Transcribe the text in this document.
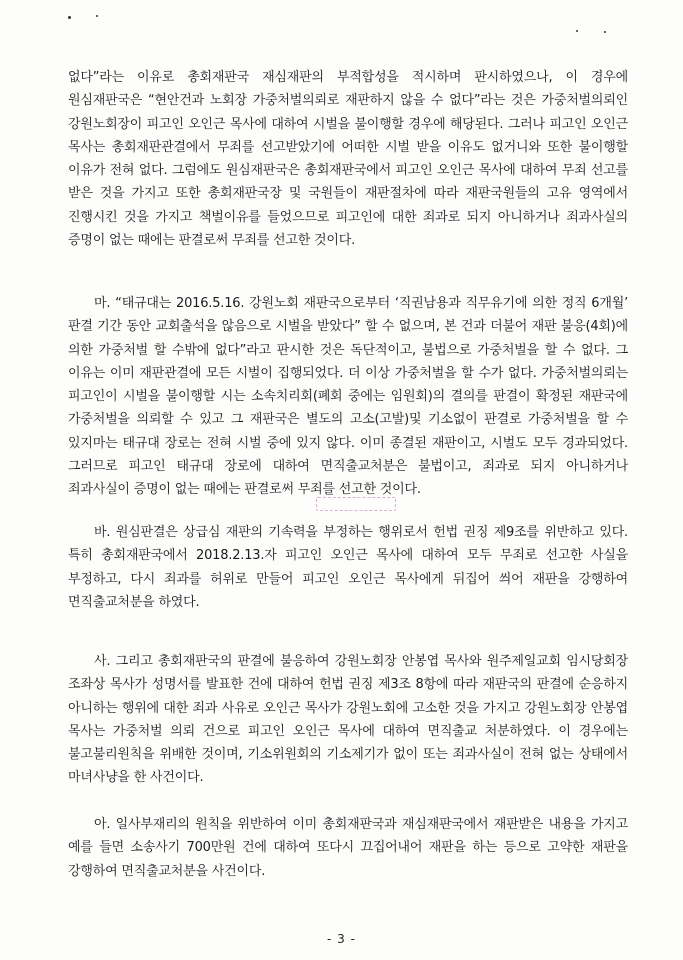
없다”라는 이유로 총회재판국 재심재판의 부적합성을 적시하며 판시하였으나, 이 경우에 원심재판국은 “현안건과 노회장 가중처벌의뢰로 재판하지 않을 수 없다”라는 것은 가중처벌의뢰인 강원노회장이 피고인 오인근 목사에 대하여 시벌을 불이행할 경우에 해당된다. 그러나 피고인 오인근 목사는 총회재판관결에서 무죄를 선고받았기에 어떠한 시벌 받을 이유도 없거니와 또한 불이행할 이유가 전혀 없다. 그럼에도 원심재판국은 총회재판국에서 피고인 오인근 목사에 대하여 무죄 선고를 받은 것을 가지고 또한 총회재판국장 및 국원들이 재판절차에 따라 재판국원들의 고유 영역에서 진행시킨 것을 가지고 책벌이유를 들었으므로 피고인에 대한 죄과로 되지 아니하거나 죄과사실의 증명이 없는 때에는 판결로써 무죄를 선고한 것이다.

마. “태규대는 2016.5.16. 강원노회 재판국으로부터 ‘직권남용과 직무유기에 의한 정직 6개월’ 판결 기간 동안 교회출석을 않음으로 시벌을 받았다” 할 수 없으며, 본 건과 더불어 재판 불응(4회)에 의한 가중처벌 할 수밖에 없다”라고 판시한 것은 독단적이고, 불법으로 가중처벌을 할 수 없다. 그 이유는 이미 재판관결에 모든 시벌이 집행되었다. 더 이상 가중처벌을 할 수가 없다. 가중처벌의뢰는 피고인이 시벌을 불이행할 시는 소속치리회(폐회 중에는 임원회)의 결의를 판결이 확정된 재판국에 가중처벌을 의뢰할 수 있고 그 재판국은 별도의 고소(고발)및 기소없이 판결로 가중처벌을 할 수 있지마는 태규대 장로는 전혀 시벌 중에 있지 않다. 이미 종결된 재판이고, 시벌도 모두 경과되었다. 그러므로 피고인 태규대 장로에 대하여 면직출교처분은 불법이고, 죄과로 되지 아니하거나 죄과사실이 증명이 없는 때에는 판결로써 무죄를 선고한 것이다.

바. 원심판결은 상급심 재판의 기속력을 부정하는 행위로서 헌법 권징 제9조를 위반하고 있다. 특히 총회재판국에서 2018.2.13.자 피고인 오인근 목사에 대하여 모두 무죄로 선고한 사실을 부정하고, 다시 죄과를 허위로 만들어 피고인 오인근 목사에게 뒤집어 씌어 재판을 강행하여 면직출교처분을 하였다.

사. 그리고 총회재판국의 판결에 불응하여 강원노회장 안봉엽 목사와 원주제일교회 임시당회장 조좌상 목사가 성명서를 발표한 건에 대하여 헌법 권징 제3조 8항에 따라 재판국의 판결에 순응하지 아니하는 행위에 대한 죄과 사유로 오인근 목사가 강원노회에 고소한 것을 가지고 강원노회장 안봉엽 목사는 가중처벌 의뢰 건으로 피고인 오인근 목사에 대하여 면직출교 처분하였다. 이 경우에는 불고불리원칙을 위배한 것이며, 기소위원회의 기소제기가 없이 또는 죄과사실이 전혀 없는 상태에서 마녀사냥을 한 사건이다.

아. 일사부재리의 원칙을 위반하여 이미 총회재판국과 재심재판국에서 재판받은 내용을 가지고 예를 들면 소송사기 700만원 건에 대하여 또다시 끄집어내어 재판을 하는 등으로 고약한 재판을 강행하여 면직출교처분을 사건이다.

- 3 -
